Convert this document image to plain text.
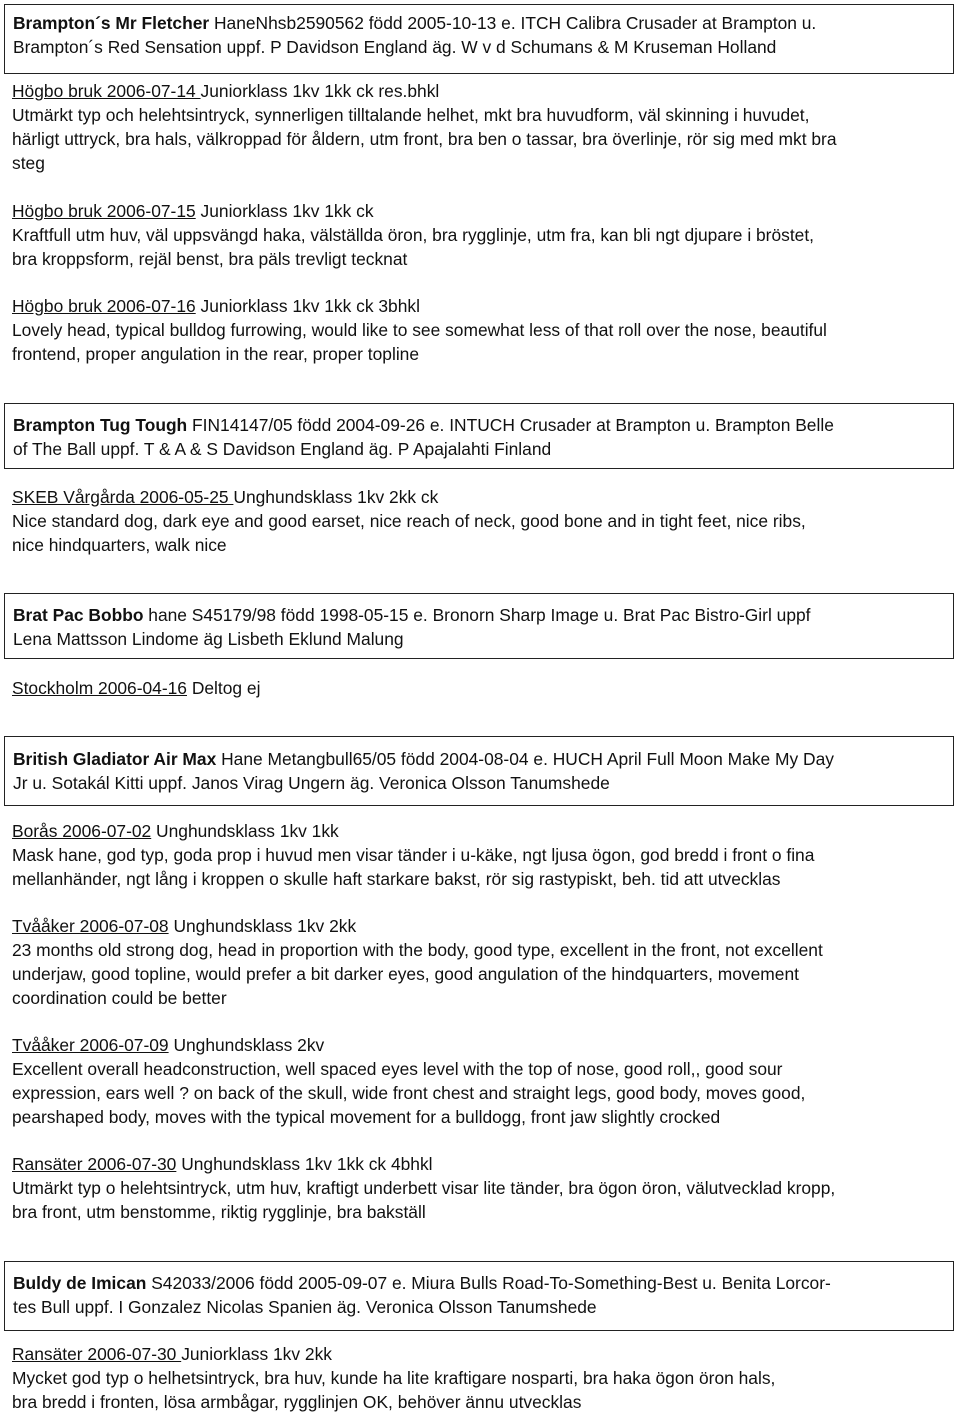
Brampton´s Mr Fletcher HaneNhsb2590562 född 2005-10-13 e. ITCH Calibra Crusader at Brampton u.
Brampton´s Red Sensation uppf. P Davidson England äg. W v d Schumans & M Kruseman Holland
Högbo bruk 2006-07-14 Juniorklass 1kv 1kk ck res.bhkl
Utmärkt typ och helehtsintryck, synnerligen tilltalande helhet, mkt bra huvudform, väl skinning i huvudet,
härligt uttryck, bra hals, välkroppad för åldern, utm front, bra ben o tassar, bra överlinje, rör sig med mkt bra
steg
Högbo bruk 2006-07-15 Juniorklass 1kv 1kk ck
Kraftfull utm huv, väl uppsvängd haka, välställda öron, bra rygglinje, utm fra, kan bli ngt djupare i bröstet,
bra kroppsform, rejäl benst, bra päls trevligt tecknat
Högbo bruk 2006-07-16 Juniorklass 1kv 1kk ck 3bhkl
Lovely head, typical bulldog furrowing, would like to see somewhat less of that roll over the nose, beautiful
frontend, proper angulation in the rear, proper topline
Brampton Tug Tough FIN14147/05 född 2004-09-26 e. INTUCH Crusader at Brampton u. Brampton Belle
of The Ball uppf. T & A & S Davidson England äg. P Apajalahti Finland
SKEB Vårgårda 2006-05-25 Unghundsklass 1kv 2kk ck
Nice standard dog, dark eye and good earset, nice reach of neck, good bone and in tight feet, nice ribs,
nice hindquarters, walk nice
Brat Pac Bobbo hane S45179/98 född 1998-05-15 e. Bronorn Sharp Image u. Brat Pac Bistro-Girl uppf
Lena Mattsson Lindome äg Lisbeth Eklund Malung
Stockholm 2006-04-16 Deltog ej
British Gladiator Air Max Hane Metangbull65/05 född 2004-08-04 e. HUCH April Full Moon Make My Day
Jr u. Sotakál Kitti uppf. Janos Virag Ungern äg. Veronica Olsson Tanumshede
Borås 2006-07-02 Unghundsklass 1kv 1kk
Mask hane, god typ, goda prop i huvud men visar tänder i u-käke, ngt ljusa ögon, god bredd i front o fina
mellanhänder, ngt lång i kroppen o skulle haft starkare bakst, rör sig rastypiskt, beh. tid att utvecklas
Tvååker 2006-07-08 Unghundsklass 1kv 2kk
23 months old strong dog, head in proportion with the body, good type, excellent in the front, not excellent
underjaw, good topline, would prefer a bit darker eyes, good angulation of the hindquarters, movement
coordination could be better
Tvååker 2006-07-09 Unghundsklass 2kv
Excellent overall headconstruction, well spaced eyes level with the top of nose, good roll,, good sour
expression, ears well ? on back of the skull, wide front chest and straight legs, good body, moves good,
pearshaped body, moves with the typical movement for a bulldogg, front jaw slightly crocked
Ransäter 2006-07-30 Unghundsklass 1kv 1kk ck 4bhkl
Utmärkt typ o helehtsintryck, utm huv, kraftigt underbett visar lite tänder, bra ögon öron, välutvecklad kropp,
bra front, utm benstomme, riktig rygglinje, bra bakställ
Buldy de Imican S42033/2006 född 2005-09-07 e. Miura Bulls Road-To-Something-Best u. Benita Lorcor-
tes Bull uppf. I Gonzalez Nicolas Spanien äg. Veronica Olsson Tanumshede
Ransäter 2006-07-30 Juniorklass 1kv 2kk
Mycket god typ o helhetsintryck, bra huv, kunde ha lite kraftigare nosparti, bra haka ögon öron hals,
bra bredd i fronten, lösa armbågar, rygglinjen OK, behöver ännu utvecklas
